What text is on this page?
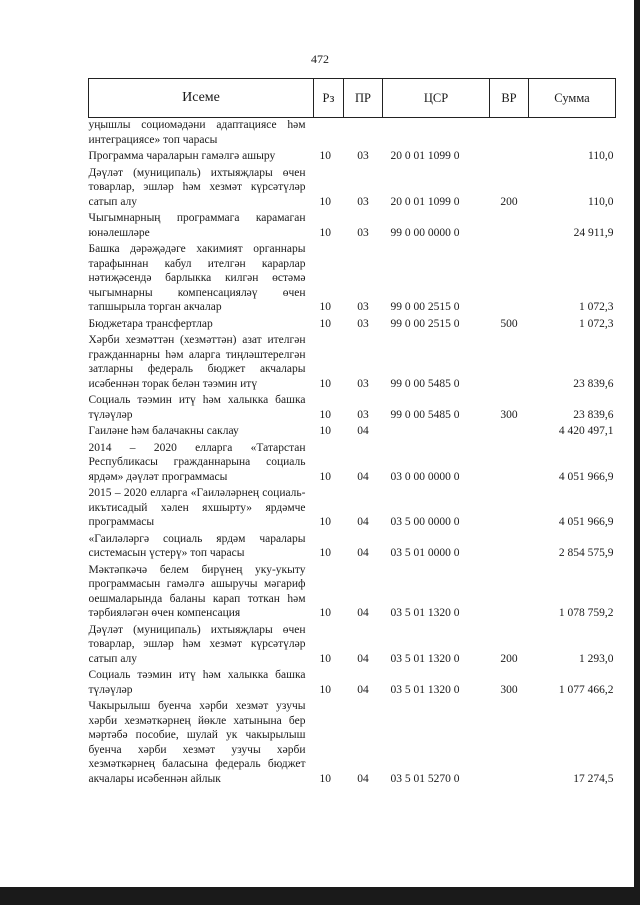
472
Исеме	Рз	ПР	ЦСР	ВР	Сумма
уңышлы социомәдәни адаптациясе һәм интеграциясе» топ чарасы					
Программа чараларын гамәлгә ашыру	10	03	20 0 01 1099 0		110,0
Дәүләт (муниципаль) ихтыяҗлары өчен товарлар, эшләр һәм хезмәт күрсәтүләр сатып алу	10	03	20 0 01 1099 0	200	110,0
Чыгымнарның программага карамаган юнәлешләре	10	03	99 0 00 0000 0		24 911,9
Башка дәрәҗәдәге хакимият органнары тарафыннан кабул ителгән карарлар нәтиҗәсендә барлыкка килгән өстәмә чыгымнарны компенсацияләү өчен тапшырыла торган акчалар	10	03	99 0 00 2515 0		1 072,3
Бюджетара трансфертлар	10	03	99 0 00 2515 0	500	1 072,3
Хәрби хезмәттән (хезмәттән) азат ителгән гражданнарны һәм аларга тиңләштерелгән затларны федераль бюджет акчалары исәбеннән торак белән тәэмин итү	10	03	99 0 00 5485 0		23 839,6
Социаль тәэмин итү һәм халыкка башка түләүләр	10	03	99 0 00 5485 0	300	23 839,6
Гаиләне һәм балачакны саклау	10	04			4 420 497,1
2014 – 2020 елларга «Татарстан Республикасы гражданнарына социаль ярдәм» дәүләт программасы	10	04	03 0 00 0000 0		4 051 966,9
2015 – 2020 елларга «Гаиләләрнең социаль-икътисадый хәлен яхшырту» ярдәмче программасы	10	04	03 5 00 0000 0		4 051 966,9
«Гаиләләргә социаль ярдәм чаралары системасын үстерү» топ чарасы	10	04	03 5 01 0000 0		2 854 575,9
Мәктәпкәчә белем бирүнең уку-укыту программасын гамәлгә ашыручы мәгариф оешмаларында баланы карап тоткан һәм тәрбияләгән өчен компенсация	10	04	03 5 01 1320 0		1 078 759,2
Дәүләт (муниципаль) ихтыяҗлары өчен товарлар, эшләр һәм хезмәт күрсәтүләр сатып алу	10	04	03 5 01 1320 0	200	1 293,0
Социаль тәэмин итү һәм халыкка башка түләүләр	10	04	03 5 01 1320 0	300	1 077 466,2
Чакырылыш буенча хәрби хезмәт узучы хәрби хезмәткәрнең йөкле хатынына бер мәртәбә пособие, шулай ук чакырылыш буенча хәрби хезмәт узучы хәрби хезмәткәрнең баласына федераль бюджет акчалары исәбеннән айлык	10	04	03 5 01 5270 0		17 274,5
